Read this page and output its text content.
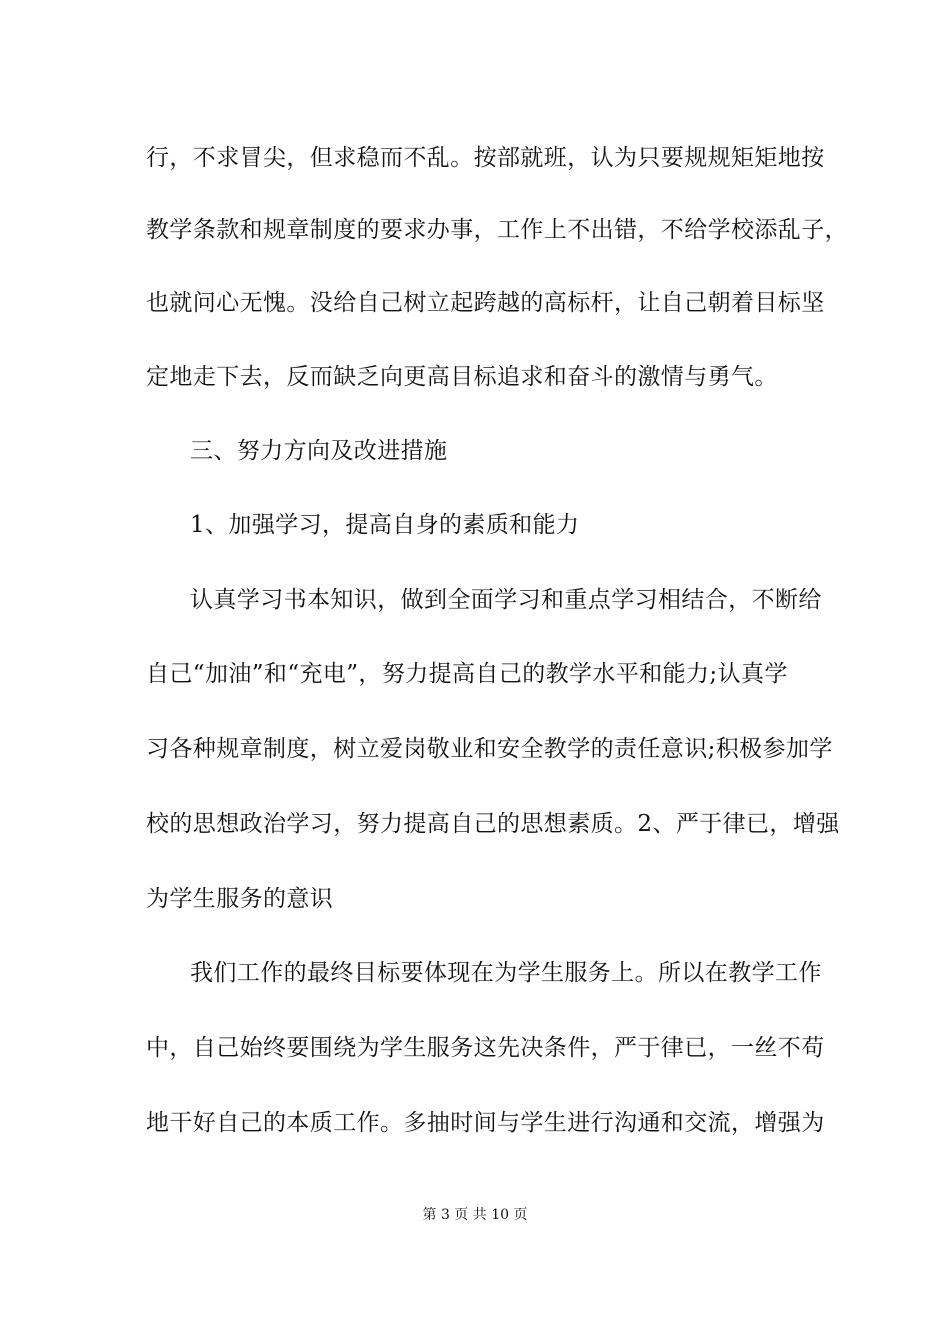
行，不求冒尖，但求稳而不乱。按部就班，认为只要规规矩矩地按
教学条款和规章制度的要求办事，工作上不出错，不给学校添乱子，
也就问心无愧。没给自己树立起跨越的高标杆，让自己朝着目标坚
定地走下去，反而缺乏向更高目标追求和奋斗的激情与勇气。
三、努力方向及改进措施
1、加强学习，提高自身的素质和能力
认真学习书本知识，做到全面学习和重点学习相结合，不断给
自己“加油”和“充电”，努力提高自己的教学水平和能力;认真学
习各种规章制度，树立爱岗敬业和安全教学的责任意识;积极参加学
校的思想政治学习，努力提高自己的思想素质。2、严于律已，增强
为学生服务的意识
我们工作的最终目标要体现在为学生服务上。所以在教学工作
中，自己始终要围绕为学生服务这先决条件，严于律已，一丝不苟
地干好自己的本质工作。多抽时间与学生进行沟通和交流，增强为
第 3 页 共 10 页
